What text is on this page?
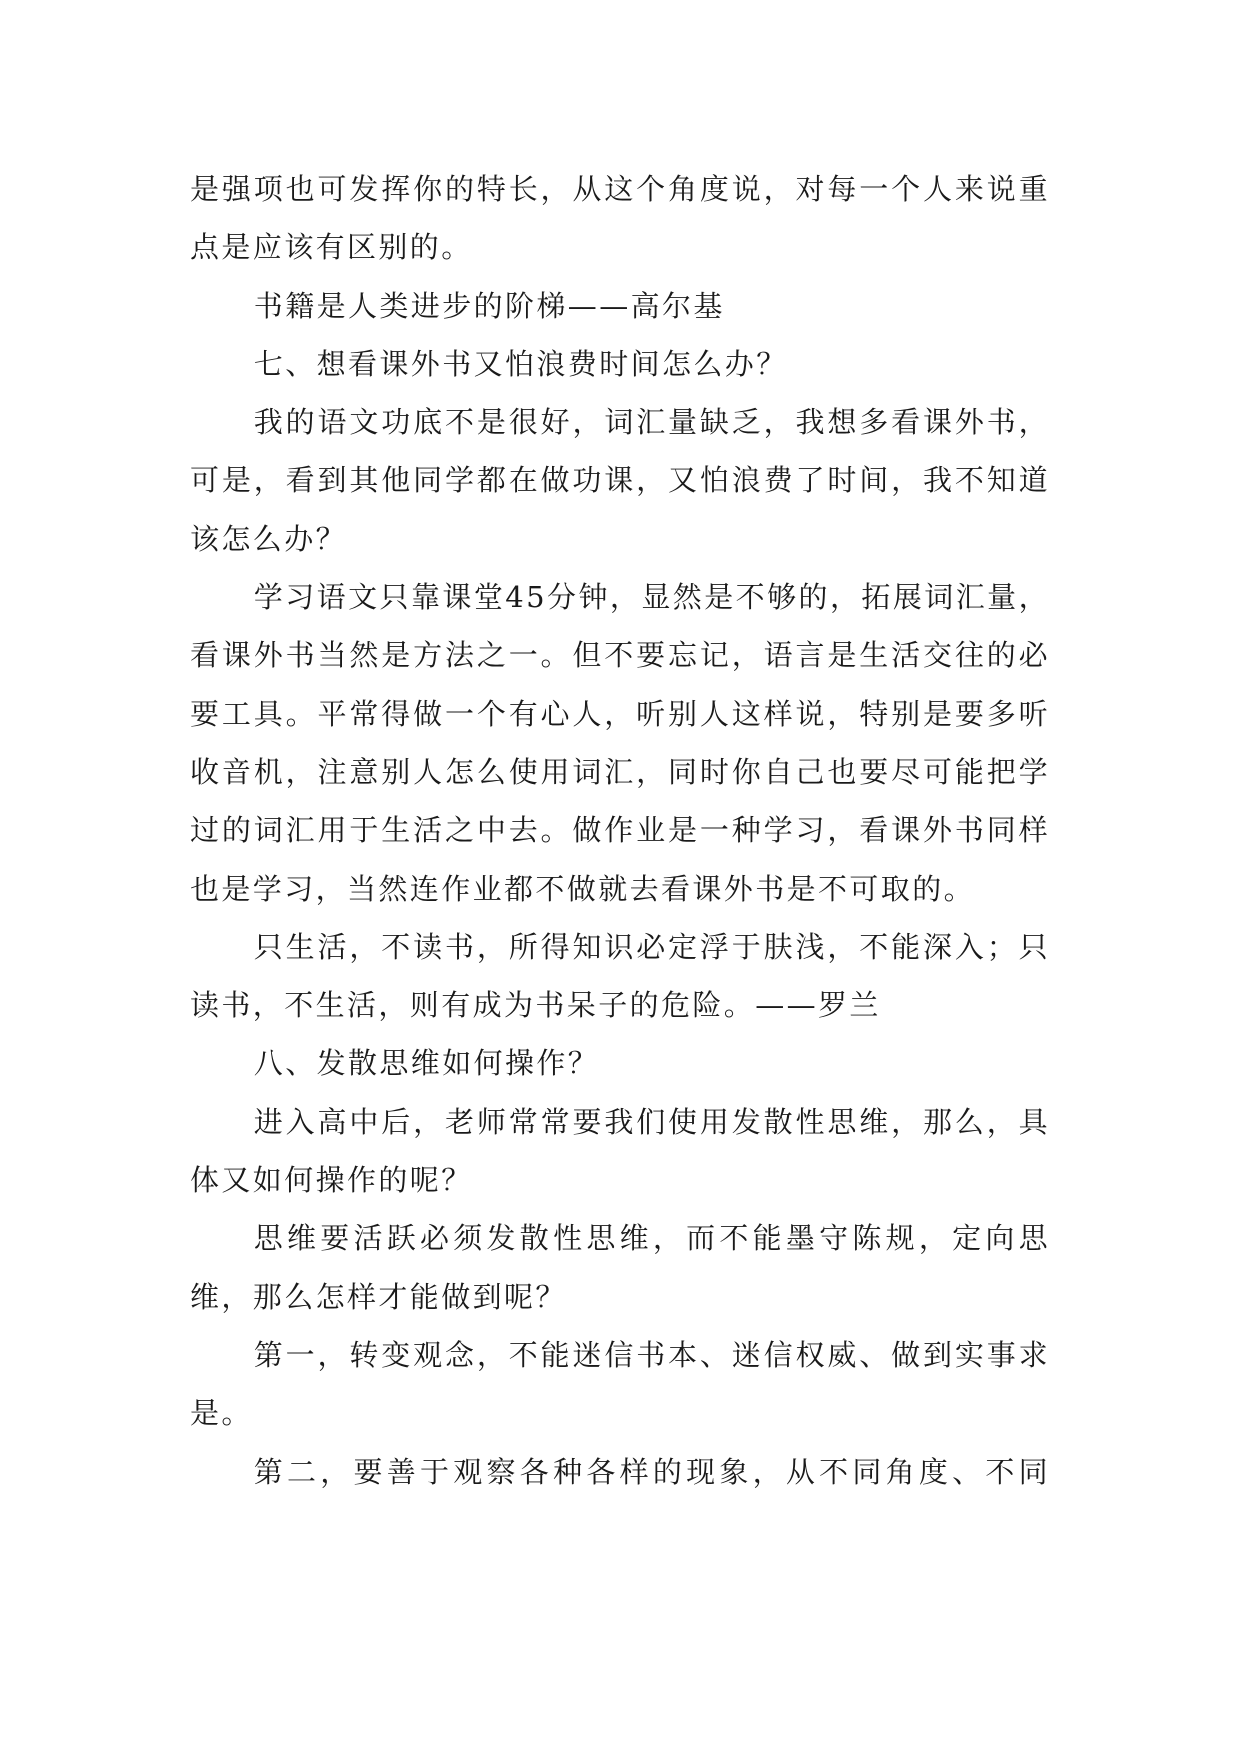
是强项也可发挥你的特长，从这个角度说，对每一个人来说重点是应该有区别的。

书籍是人类进步的阶梯——高尔基

七、想看课外书又怕浪费时间怎么办？

我的语文功底不是很好，词汇量缺乏，我想多看课外书，可是，看到其他同学都在做功课，又怕浪费了时间，我不知道该怎么办？

学习语文只靠课堂45分钟，显然是不够的，拓展词汇量，看课外书当然是方法之一。但不要忘记，语言是生活交往的必要工具。平常得做一个有心人，听别人这样说，特别是要多听收音机，注意别人怎么使用词汇，同时你自己也要尽可能把学过的词汇用于生活之中去。做作业是一种学习，看课外书同样也是学习，当然连作业都不做就去看课外书是不可取的。

只生活，不读书，所得知识必定浮于肤浅，不能深入；只读书，不生活，则有成为书呆子的危险。——罗兰

八、发散思维如何操作？

进入高中后，老师常常要我们使用发散性思维，那么，具体又如何操作的呢？

思维要活跃必须发散性思维，而不能墨守陈规，定向思维，那么怎样才能做到呢？

第一，转变观念，不能迷信书本、迷信权威、做到实事求是。

第二，要善于观察各种各样的现象，从不同角度、不同
